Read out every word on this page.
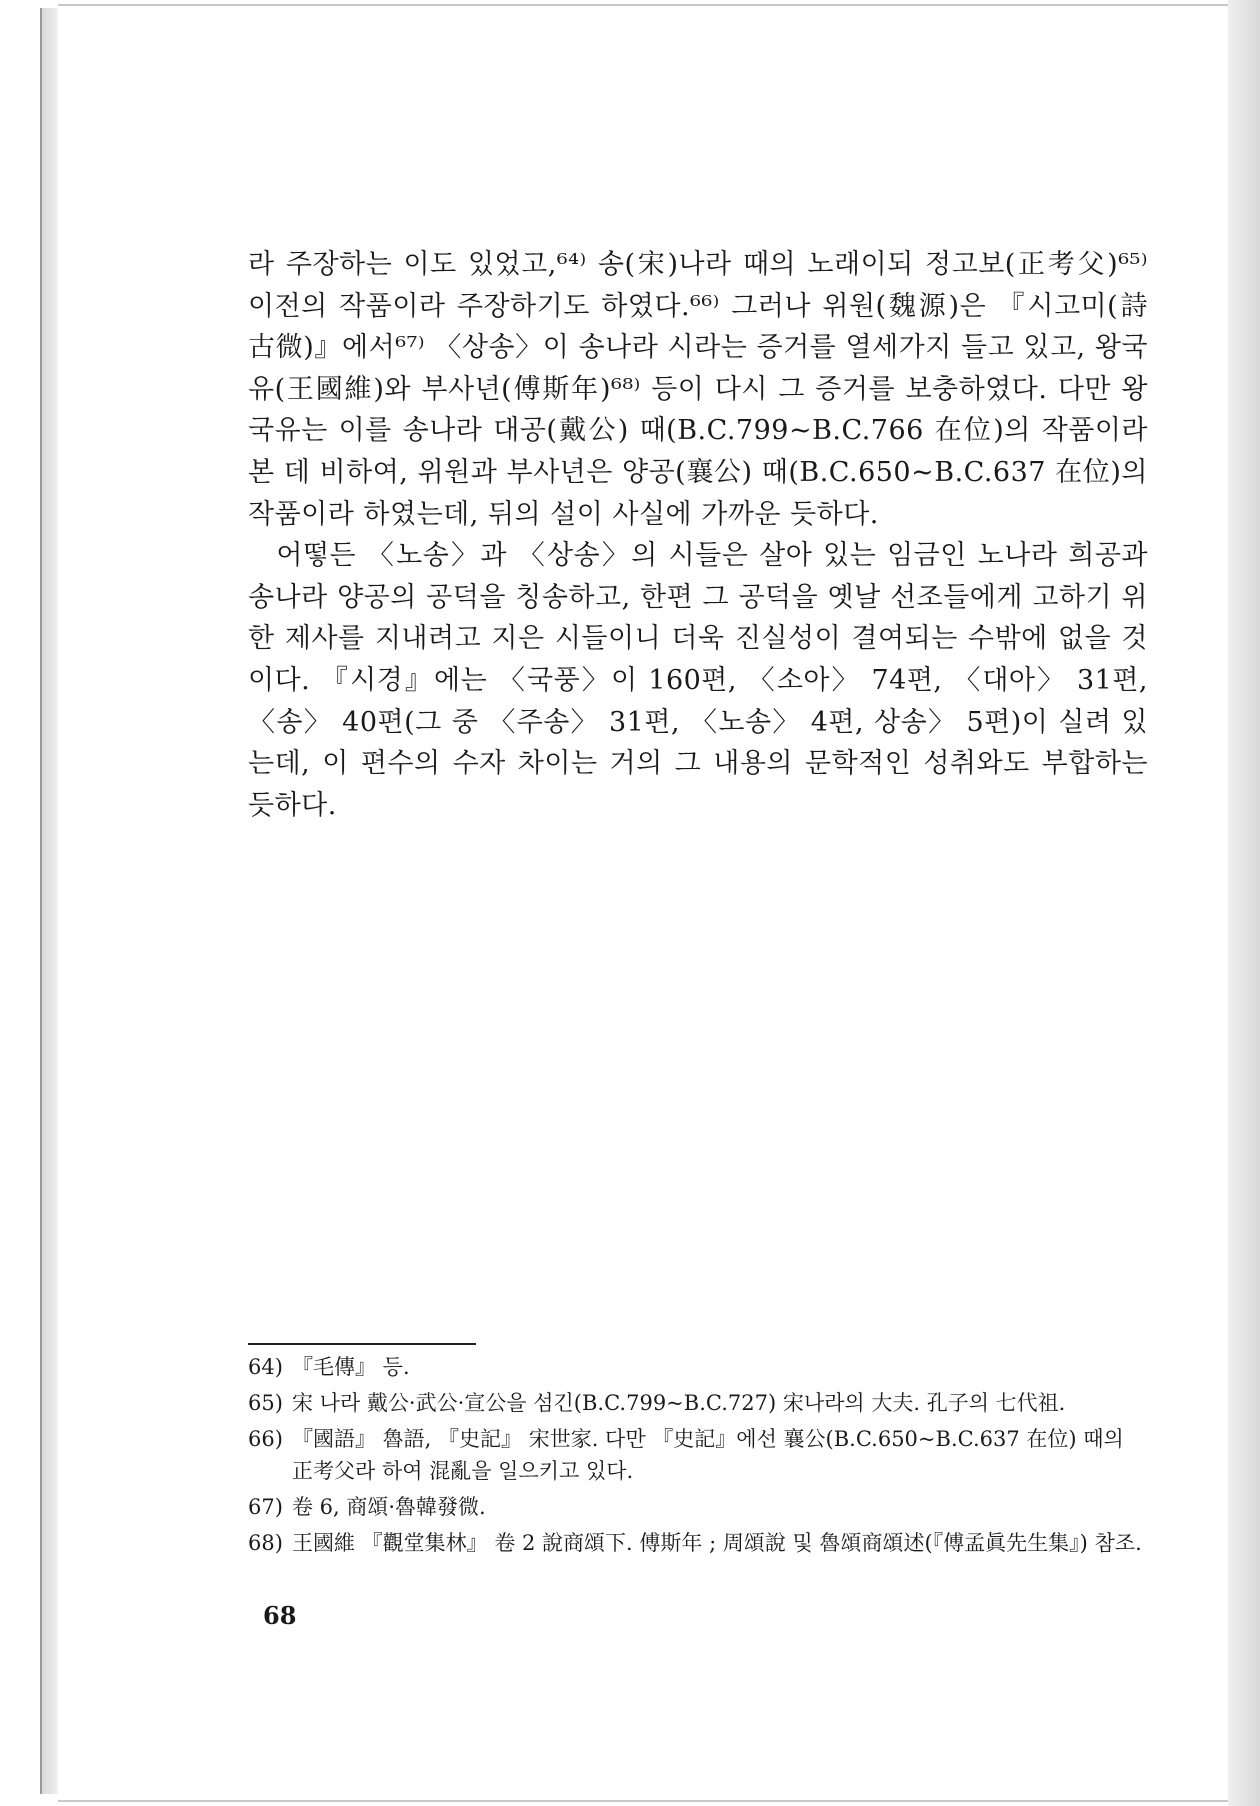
라 주장하는 이도 있었고,⁶⁴⁾ 송(宋)나라 때의 노래이되 정고보(正考父)⁶⁵⁾ 이전의 작품이라 주장하기도 하였다.⁶⁶⁾ 그러나 위원(魏源)은 『시고미(詩古微)』에서⁶⁷⁾ 〈상송〉이 송나라 시라는 증거를 열세가지 들고 있고, 왕국유(王國維)와 부사년(傅斯年)⁶⁸⁾ 등이 다시 그 증거를 보충하였다. 다만 왕국유는 이를 송나라 대공(戴公) 때(B.C.799~B.C.766 在位)의 작품이라 본 데 비하여, 위원과 부사년은 양공(襄公) 때(B.C.650~B.C.637 在位)의 작품이라 하였는데, 뒤의 설이 사실에 가까운 듯하다.

어떻든 〈노송〉과 〈상송〉의 시들은 살아 있는 임금인 노나라 희공과 송나라 양공의 공덕을 칭송하고, 한편 그 공덕을 옛날 선조들에게 고하기 위한 제사를 지내려고 지은 시들이니 더욱 진실성이 결여되는 수밖에 없을 것이다. 『시경』에는 〈국풍〉이 160편, 〈소아〉 74편, 〈대아〉 31편, 〈송〉 40편(그 중 〈주송〉 31편, 〈노송〉 4편, 상송〉 5편)이 실려 있는데, 이 편수의 수자 차이는 거의 그 내용의 문학적인 성취와도 부합하는 듯하다.

64) 『毛傳』 등.
65) 宋 나라 戴公·武公·宣公을 섬긴(B.C.799~B.C.727) 宋나라의 大夫. 孔子의 七代祖.
66) 『國語』 魯語, 『史記』 宋世家. 다만 『史記』에선 襄公(B.C.650~B.C.637 在位) 때의 正考父라 하여 混亂을 일으키고 있다.
67) 卷 6, 商頌·魯韓發微.
68) 王國維 『觀堂集林』 卷 2 說商頌下. 傅斯年 ; 周頌說 및 魯頌商頌述(『傅孟眞先生集』) 참조.
68
